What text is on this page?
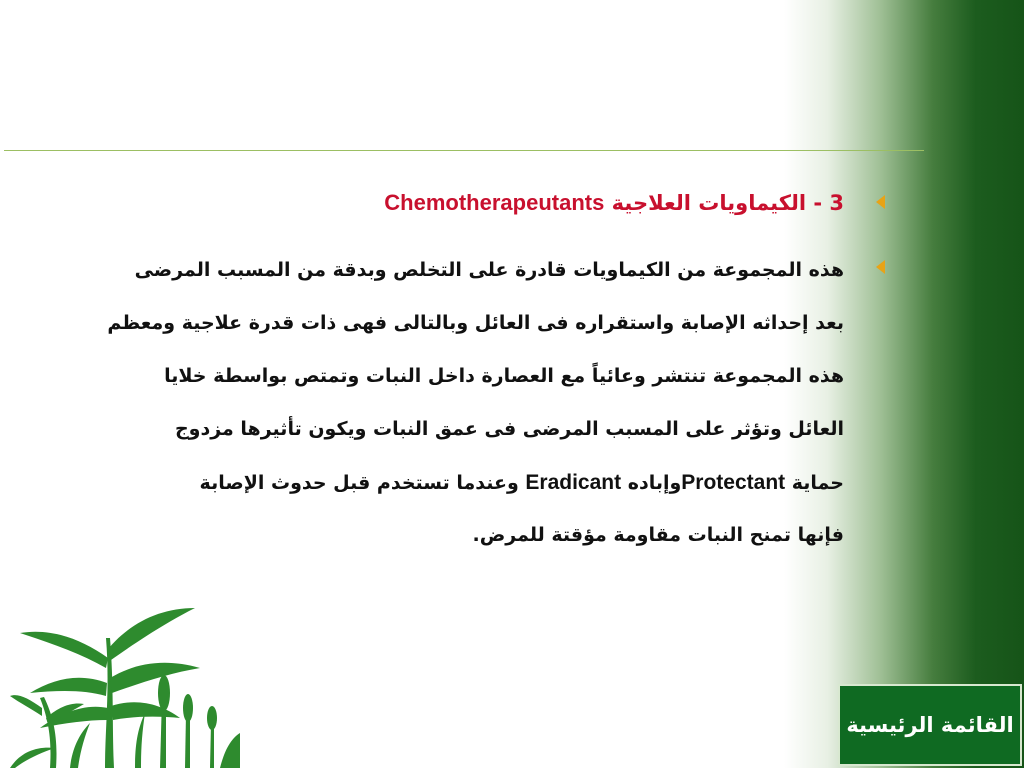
3 - الكيماويات العلاجية Chemotherapeutants
هذه المجموعة من الكيماويات قادرة على التخلص وبدقة من المسبب المرضى
بعد إحداثه الإصابة واستقراره فى العائل وبالتالى فهى ذات قدرة علاجية ومعظم
هذه المجموعة تنتشر وعائياً مع العصارة داخل النبات وتمتص بواسطة خلايا
العائل وتؤثر على المسبب المرضى فى عمق النبات ويكون تأثيرها مزدوج
حماية Protectantوإباده Eradicant وعندما تستخدم قبل حدوث الإصابة
فإنها تمنح النبات مقاومة مؤقتة للمرض.
القائمة الرئيسية
